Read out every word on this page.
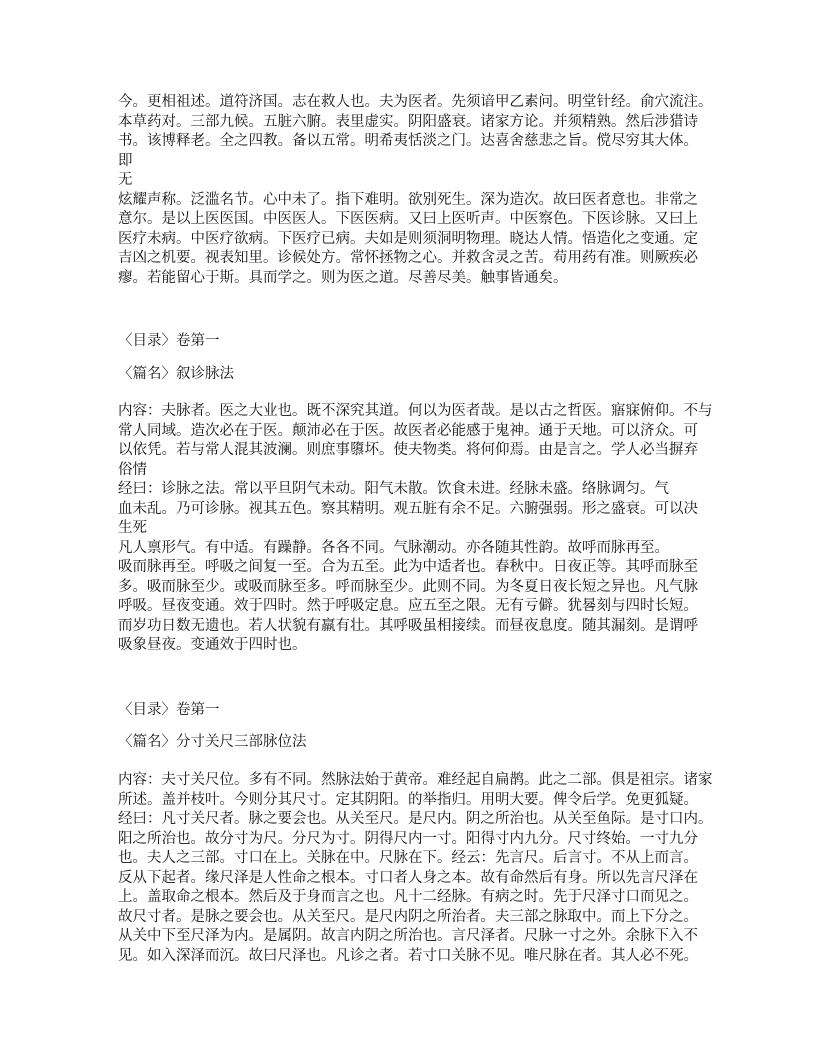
今。更相祖述。道符济国。志在救人也。夫为医者。先须谙甲乙素问。明堂针经。俞穴流注。
本草药对。三部九候。五脏六腑。表里虚实。阴阳盛衰。诸家方论。并须精熟。然后涉猎诗
书。该博释老。全之四教。备以五常。明希夷恬淡之门。达喜舍慈悲之旨。傥尽穷其大体。
即
无
炫耀声称。泛滥名节。心中未了。指下难明。欲别死生。深为造次。故曰医者意也。非常之
意尔。是以上医医国。中医医人。下医医病。又曰上医听声。中医察色。下医诊脉。又曰上
医疗未病。中医疗欲病。下医疗已病。夫如是则须洞明物理。晓达人情。悟造化之变通。定
吉凶之机要。视表知里。诊候处方。常怀拯物之心。并救含灵之苦。苟用药有准。则厥疾必
瘳。若能留心于斯。具而学之。则为医之道。尽善尽美。触事皆通矣。
〈目录〉卷第一
〈篇名〉叙诊脉法
内容：夫脉者。医之大业也。既不深究其道。何以为医者哉。是以古之哲医。寤寐俯仰。不与
常人同域。造次必在于医。颠沛必在于医。故医者必能感于鬼神。通于天地。可以济众。可
以依凭。若与常人混其波澜。则庶事隳坏。使夫物类。将何仰焉。由是言之。学人必当摒弃
俗情
经曰：诊脉之法。常以平旦阴气未动。阳气未散。饮食未进。经脉未盛。络脉调匀。气
血未乱。乃可诊脉。视其五色。察其精明。观五脏有余不足。六腑强弱。形之盛衰。可以决
生死
凡人禀形气。有中适。有躁静。各各不同。气脉潮动。亦各随其性韵。故呼而脉再至。
吸而脉再至。呼吸之间复一至。合为五至。此为中适者也。春秋中。日夜正等。其呼而脉至
多。吸而脉至少。或吸而脉至多。呼而脉至少。此则不同。为冬夏日夜长短之异也。凡气脉
呼吸。昼夜变通。效于四时。然于呼吸定息。应五至之限。无有亏僻。犹晷刻与四时长短。
而岁功日数无遗也。若人状貌有羸有壮。其呼吸虽相接续。而昼夜息度。随其漏刻。是谓呼
吸象昼夜。变通效于四时也。
〈目录〉卷第一
〈篇名〉分寸关尺三部脉位法
内容：夫寸关尺位。多有不同。然脉法始于黄帝。难经起自扁鹊。此之二部。俱是祖宗。诸家
所述。盖并枝叶。今则分其尺寸。定其阴阳。的举指归。用明大要。俾令后学。免更狐疑。
经曰：凡寸关尺者。脉之要会也。从关至尺。是尺内。阴之所治也。从关至鱼际。是寸口内。
阳之所治也。故分寸为尺。分尺为寸。阴得尺内一寸。阳得寸内九分。尺寸终始。一寸九分
也。夫人之三部。寸口在上。关脉在中。尺脉在下。经云：先言尺。后言寸。不从上而言。
反从下起者。缘尺泽是人性命之根本。寸口者人身之本。故有命然后有身。所以先言尺泽在
上。盖取命之根本。然后及于身而言之也。凡十二经脉。有病之时。先于尺泽寸口而见之。
故尺寸者。是脉之要会也。从关至尺。是尺内阴之所治者。夫三部之脉取中。而上下分之。
从关中下至尺泽为内。是属阴。故言内阴之所治也。言尺泽者。尺脉一寸之外。余脉下入不
见。如入深泽而沉。故曰尺泽也。凡诊之者。若寸口关脉不见。唯尺脉在者。其人必不死。
